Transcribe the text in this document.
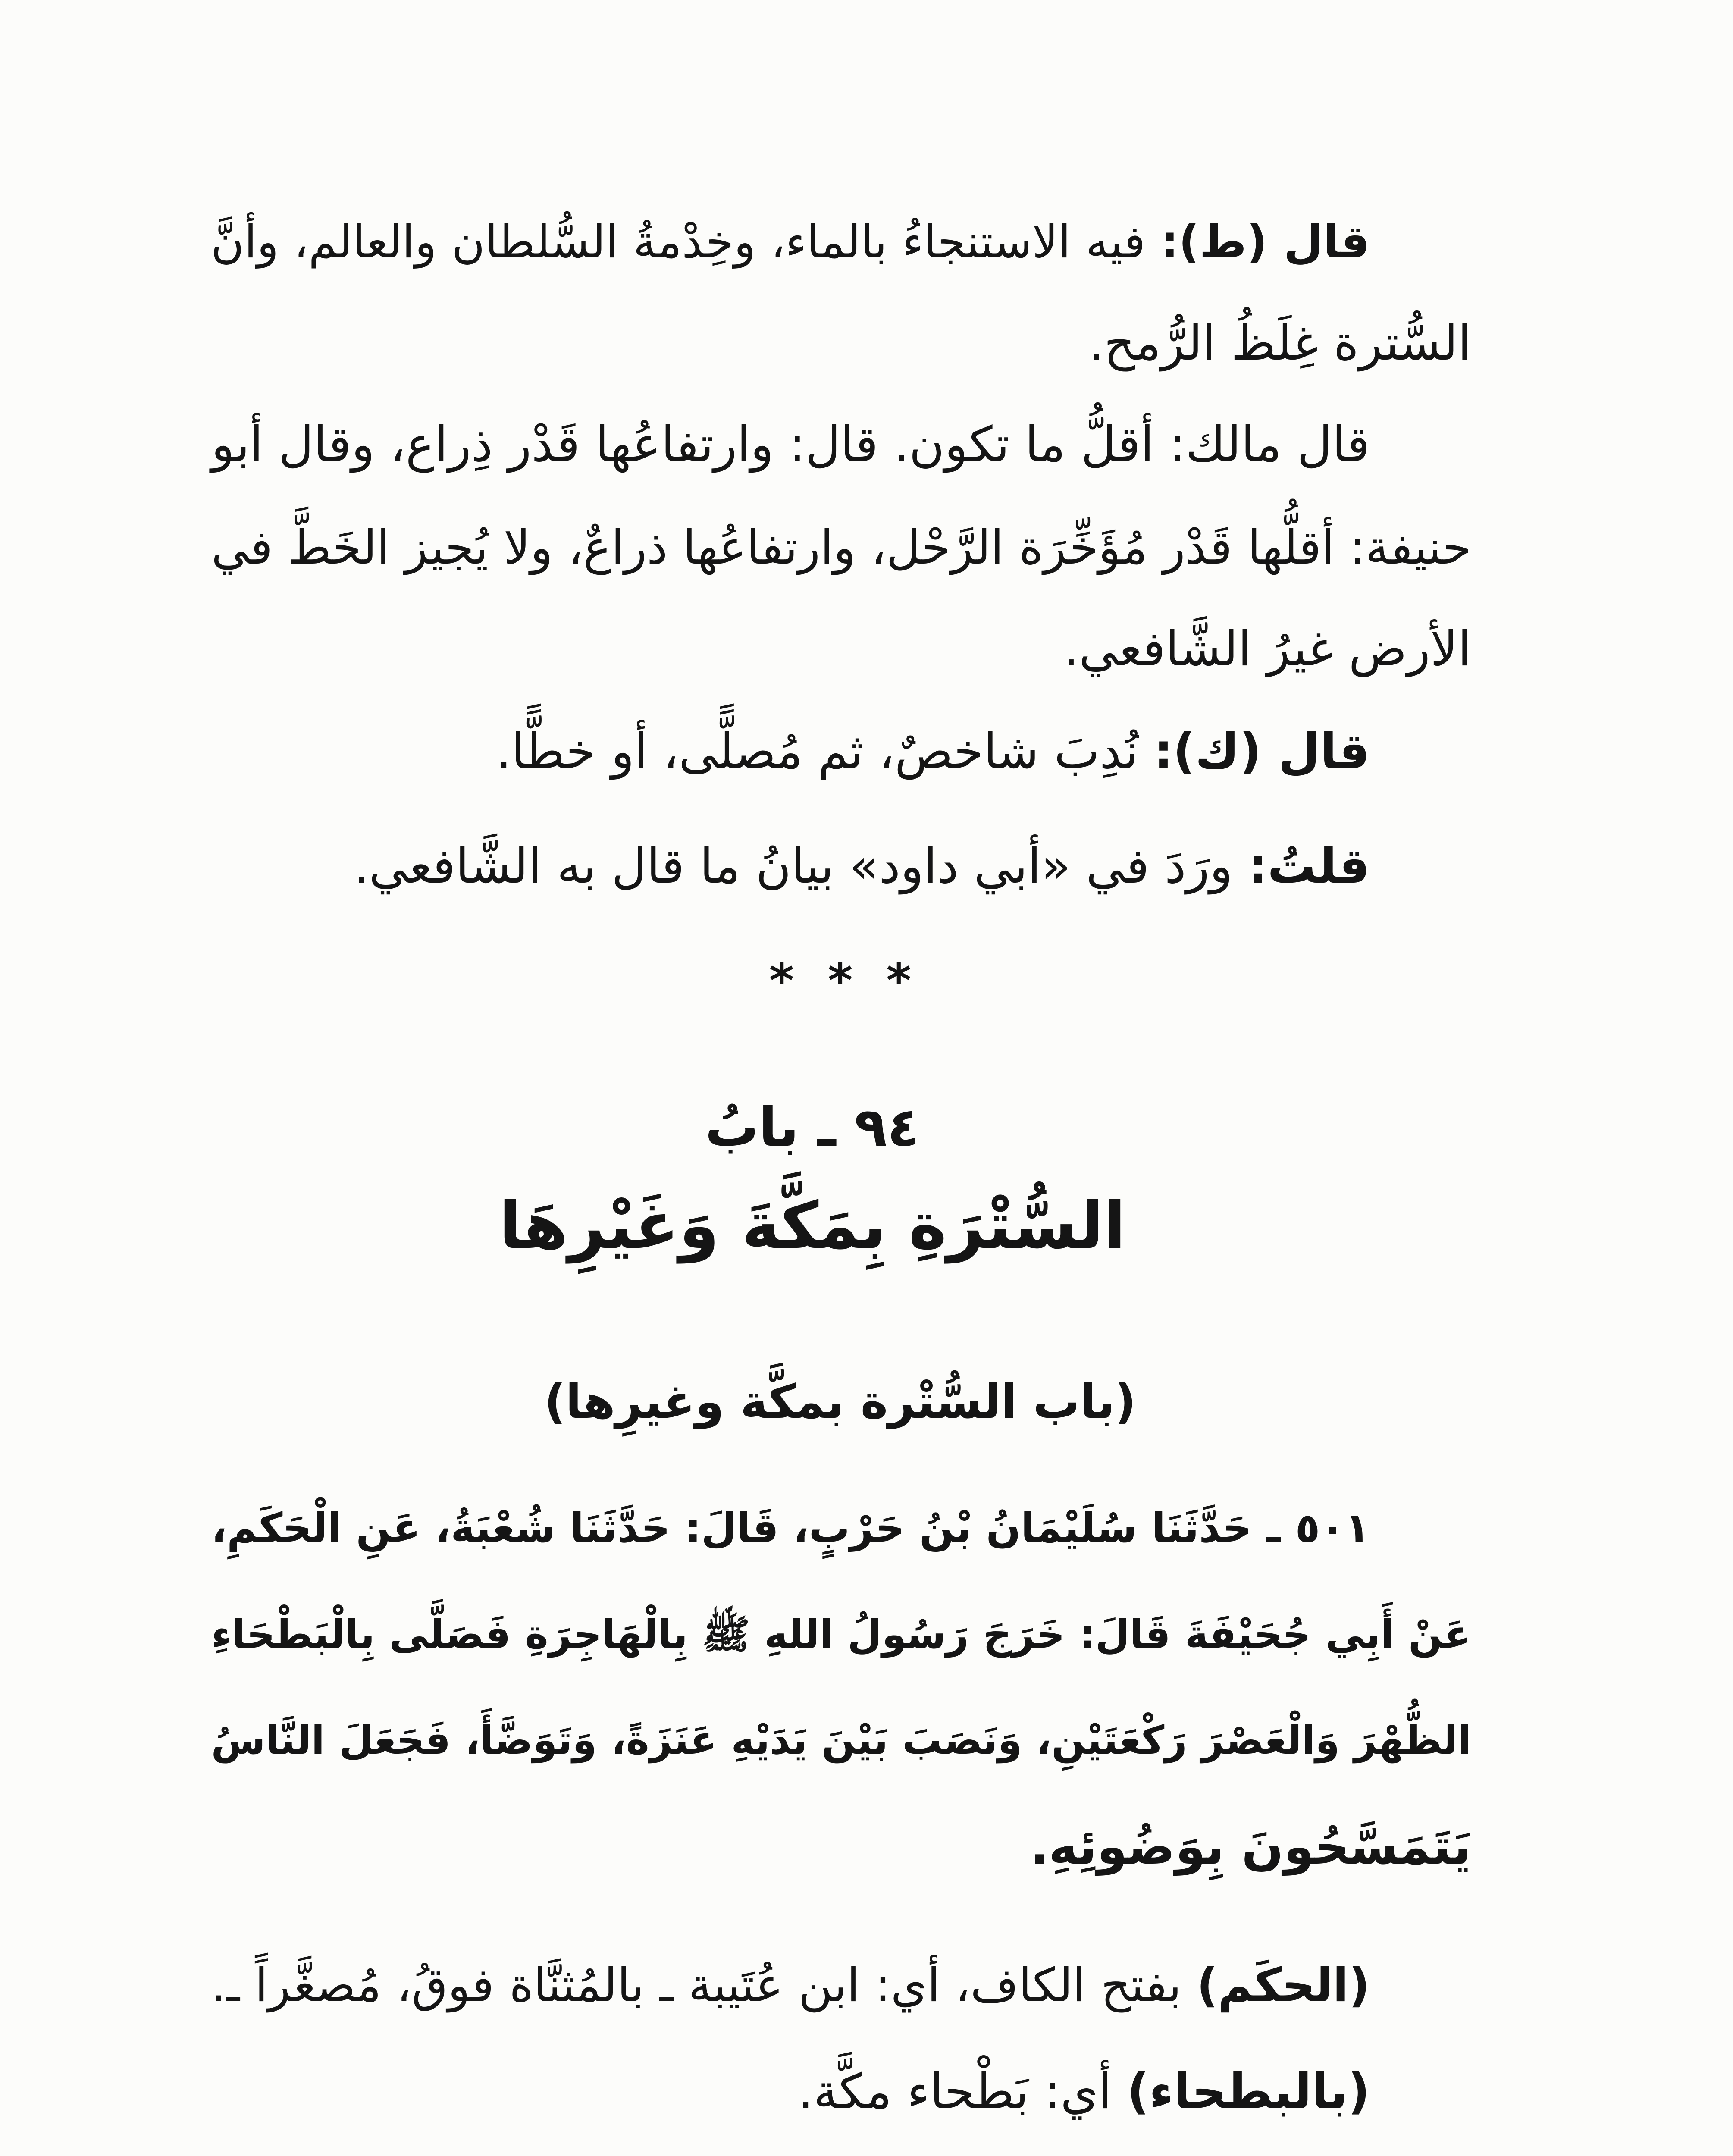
قال (ط): فيه الاستنجاءُ بالماء، وخِدْمةُ السُّلطان والعالم، وأنَّ
السُّترة غِلَظُ الرُّمح.
قال مالك: أقلُّ ما تكون. قال: وارتفاعُها قَدْر ذِراع، وقال أبو
حنيفة: أقلُّها قَدْر مُؤَخِّرَة الرَّحْل، وارتفاعُها ذراعٌ، ولا يُجيز الخَطَّ في
الأرض غيرُ الشَّافعي.
قال (ك): نُدِبَ شاخصٌ، ثم مُصلًّى، أو خطًّا.
قلتُ: ورَدَ في «أبي داود» بيانُ ما قال به الشَّافعي.
* * *
٩٤ ـ بابُ
السُّتْرَةِ بِمَكَّةَ وَغَيْرِهَا
(باب السُّتْرة بمكَّة وغيرِها)
٥٠١ ـ حَدَّثَنَا سُلَيْمَانُ بْنُ حَرْبٍ، قَالَ: حَدَّثَنَا شُعْبَةُ، عَنِ الْحَكَمِ،
عَنْ أَبِي جُحَيْفَةَ قَالَ: خَرَجَ رَسُولُ اللهِ ﷺ بِالْهَاجِرَةِ فَصَلَّى بِالْبَطْحَاءِ
الظُّهْرَ وَالْعَصْرَ رَكْعَتَيْنِ، وَنَصَبَ بَيْنَ يَدَيْهِ عَنَزَةً، وَتَوَضَّأَ، فَجَعَلَ النَّاسُ
يَتَمَسَّحُونَ بِوَضُوئِهِ.
(الحكَم) بفتح الكاف، أي: ابن عُتَيبة ـ بالمُثنَّاة فوقُ، مُصغَّراً ـ.
(بالبطحاء) أي: بَطْحاء مكَّة.
